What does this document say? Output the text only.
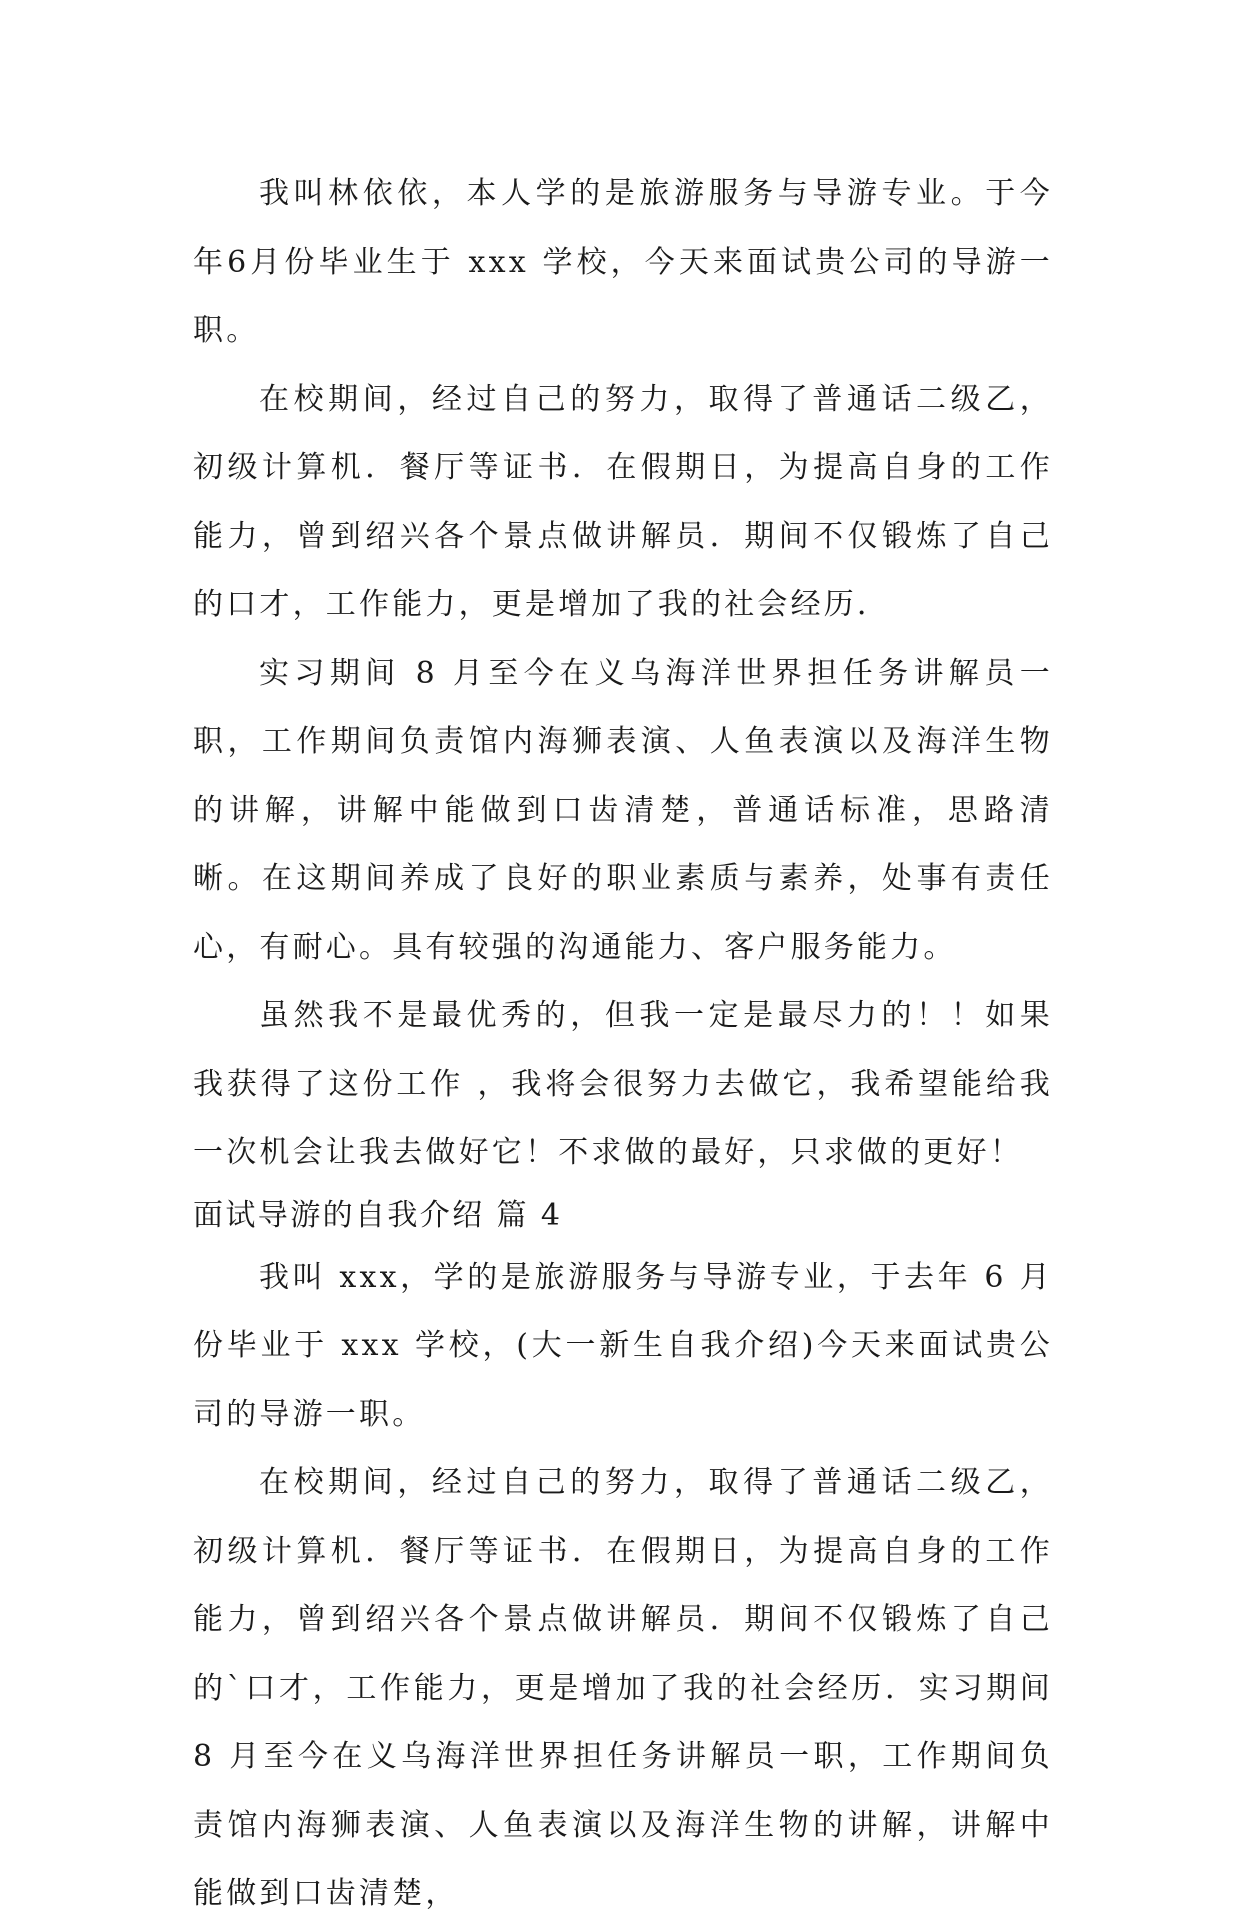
我叫林依依，本人学的是旅游服务与导游专业。于今年6月份毕业生于 xxx 学校，今天来面试贵公司的导游一职。

在校期间，经过自己的努力，取得了普通话二级乙，初级计算机．餐厅等证书．在假期日，为提高自身的工作能力，曾到绍兴各个景点做讲解员．期间不仅锻炼了自己的口才，工作能力，更是增加了我的社会经历．

实习期间 8 月至今在义乌海洋世界担任务讲解员一职，工作期间负责馆内海狮表演、人鱼表演以及海洋生物的讲解，讲解中能做到口齿清楚，普通话标准，思路清晰。在这期间养成了良好的职业素质与素养，处事有责任心，有耐心。具有较强的沟通能力、客户服务能力。

虽然我不是最优秀的，但我一定是最尽力的！！如果我获得了这份工作 ，我将会很努力去做它，我希望能给我一次机会让我去做好它！不求做的最好，只求做的更好！

面试导游的自我介绍 篇 4

我叫 xxx，学的是旅游服务与导游专业，于去年 6 月份毕业于 xxx 学校，(大一新生自我介绍)今天来面试贵公司的导游一职。

在校期间，经过自己的努力，取得了普通话二级乙，初级计算机．餐厅等证书．在假期日，为提高自身的工作能力，曾到绍兴各个景点做讲解员．期间不仅锻炼了自己的`口才，工作能力，更是增加了我的社会经历．实习期间 8 月至今在义乌海洋世界担任务讲解员一职，工作期间负责馆内海狮表演、人鱼表演以及海洋生物的讲解，讲解中能做到口齿清楚，
